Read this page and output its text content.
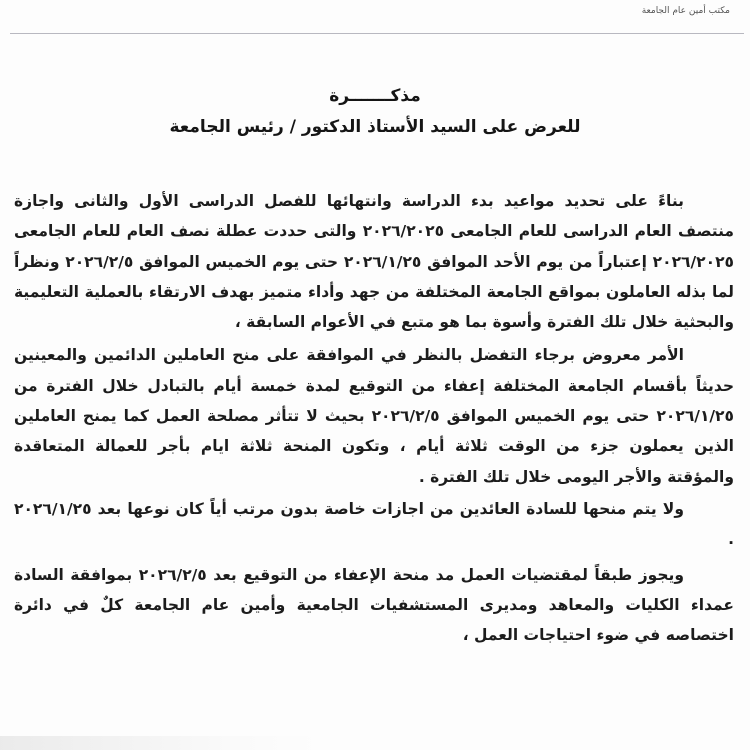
مكتب أمين عام الجامعة
مذكـــــــرة
للعرض على السيد الأستاذ الدكتور / رئيس الجامعة

بناءً على تحديد مواعيد بدء الدراسة وانتهائها للفصل الدراسى الأول والثانى واجازة منتصف العام الدراسى للعام الجامعى ٢٠٢٦/٢٠٢٥ والتى حددت عطلة نصف العام للعام الجامعى ٢٠٢٦/٢٠٢٥ إعتباراً من يوم الأحد الموافق ٢٠٢٦/١/٢٥ حتى يوم الخميس الموافق ٢٠٢٦/٢/٥ ونظراً لما بذله العاملون بمواقع الجامعة المختلفة من جهد وأداء متميز بهدف الارتقاء بالعملية التعليمية والبحثية خلال تلك الفترة وأسوة بما هو متبع في الأعوام السابقة ،

الأمر معروض برجاء التفضل بالنظر في الموافقة على منح العاملين الدائمين والمعينين حديثاً بأقسام الجامعة المختلفة إعفاء من التوقيع لمدة خمسة أيام بالتبادل خلال الفترة من ٢٠٢٦/١/٢٥ حتى يوم الخميس الموافق ٢٠٢٦/٢/٥ بحيث لا تتأثر مصلحة العمل كما يمنح العاملين الذين يعملون جزء من الوقت ثلاثة أيام ، وتكون المنحة ثلاثة ايام بأجر للعمالة المتعاقدة والمؤقتة والأجر اليومى خلال تلك الفترة .

ولا يتم منحها للسادة العائدين من اجازات خاصة بدون مرتب أياً كان نوعها بعد ٢٠٢٦/١/٢٥ .

ويجوز طبقاً لمقتضيات العمل مد منحة الإعفاء من التوقيع بعد ٢٠٢٦/٢/٥ بموافقة السادة عمداء الكليات والمعاهد ومديرى المستشفيات الجامعية وأمين عام الجامعة كلٌ في دائرة اختصاصه في ضوء احتياجات العمل ،
